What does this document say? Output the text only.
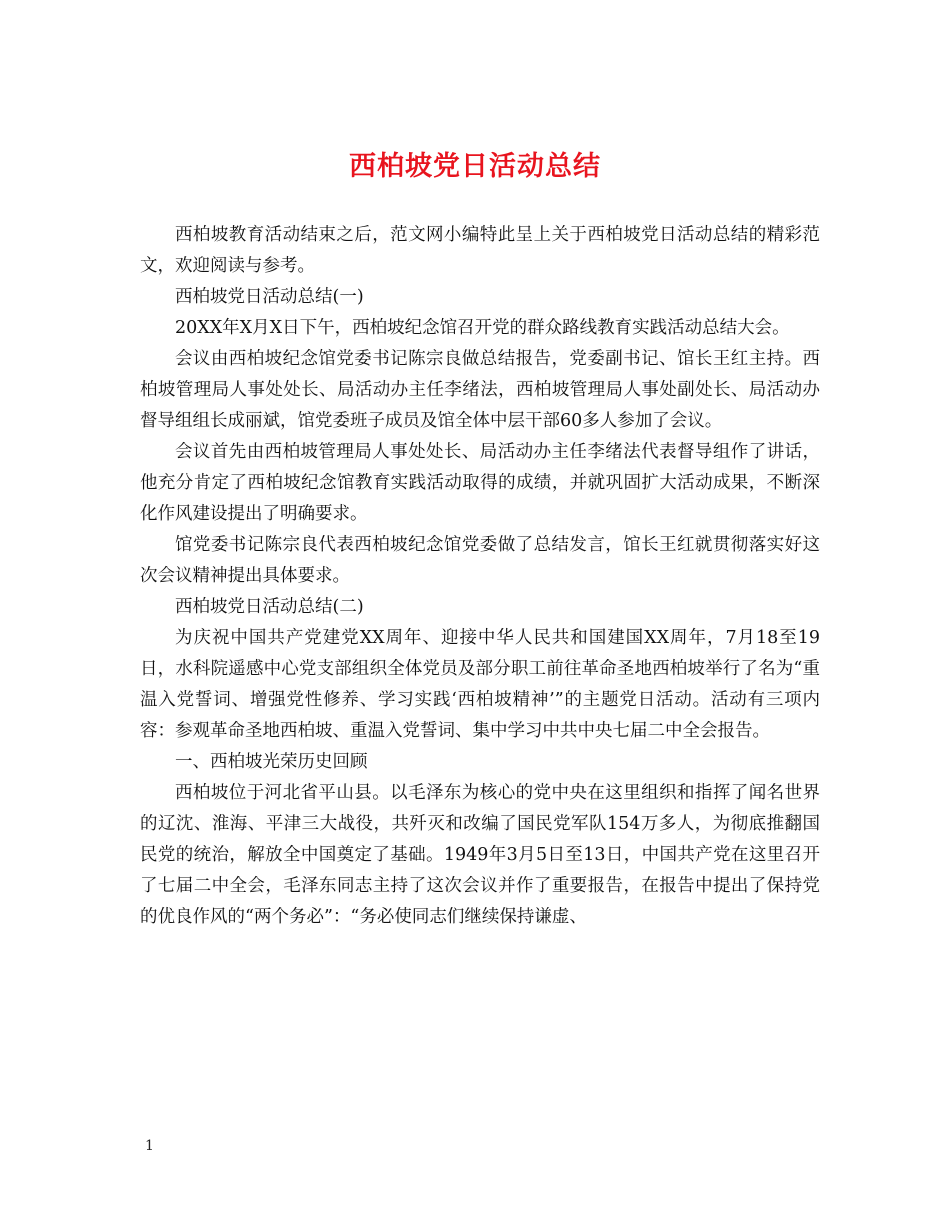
西柏坡党日活动总结

西柏坡教育活动结束之后，范文网小编特此呈上关于西柏坡党日活动总结的精彩范文，欢迎阅读与参考。

西柏坡党日活动总结(一)

20XX年X月X日下午，西柏坡纪念馆召开党的群众路线教育实践活动总结大会。

会议由西柏坡纪念馆党委书记陈宗良做总结报告，党委副书记、馆长王红主持。西柏坡管理局人事处处长、局活动办主任李绪法，西柏坡管理局人事处副处长、局活动办督导组组长成丽斌，馆党委班子成员及馆全体中层干部60多人参加了会议。

会议首先由西柏坡管理局人事处处长、局活动办主任李绪法代表督导组作了讲话，他充分肯定了西柏坡纪念馆教育实践活动取得的成绩，并就巩固扩大活动成果，不断深化作风建设提出了明确要求。

馆党委书记陈宗良代表西柏坡纪念馆党委做了总结发言，馆长王红就贯彻落实好这次会议精神提出具体要求。

西柏坡党日活动总结(二)

为庆祝中国共产党建党XX周年、迎接中华人民共和国建国XX周年，7月18至19日，水科院遥感中心党支部组织全体党员及部分职工前往革命圣地西柏坡举行了名为“重温入党誓词、增强党性修养、学习实践‘西柏坡精神’”的主题党日活动。活动有三项内容：参观革命圣地西柏坡、重温入党誓词、集中学习中共中央七届二中全会报告。

一、西柏坡光荣历史回顾

西柏坡位于河北省平山县。以毛泽东为核心的党中央在这里组织和指挥了闻名世界的辽沈、淮海、平津三大战役，共歼灭和改编了国民党军队154万多人，为彻底推翻国民党的统治，解放全中国奠定了基础。1949年3月5日至13日，中国共产党在这里召开了七届二中全会，毛泽东同志主持了这次会议并作了重要报告，在报告中提出了保持党的优良作风的“两个务必”：“务必使同志们继续保持谦虚、

1
